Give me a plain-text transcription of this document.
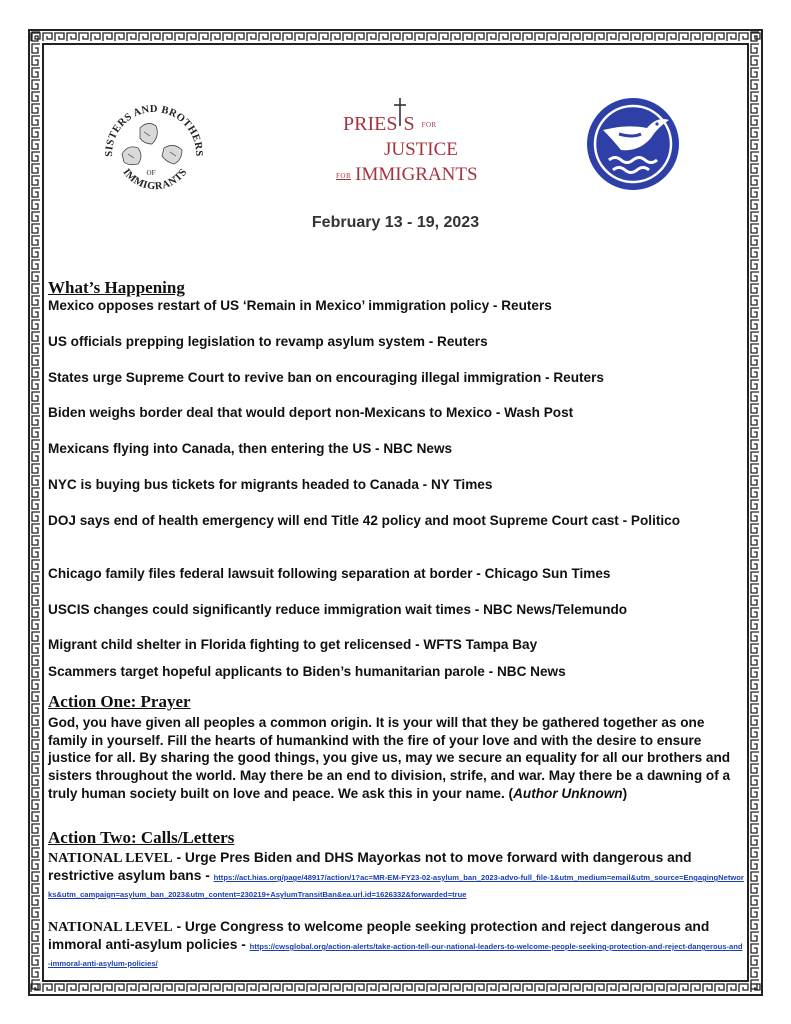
SISTERS AND BROTHERS
IMMIGRANTS
OF
PRIES S FOR
JUSTICE
FOR IMMIGRANTS
February 13 - 19, 2023
What’s Happening

Mexico opposes restart of US ‘Remain in Mexico’ immigration policy - Reuters

US officials prepping legislation to revamp asylum system - Reuters

States urge Supreme Court to revive ban on encouraging illegal immigration - Reuters

Biden weighs border deal that would deport non-Mexicans to Mexico - Wash Post

Mexicans flying into Canada, then entering the US - NBC News

NYC is buying bus tickets for migrants headed to Canada - NY Times

DOJ says end of health emergency will end Title 42 policy and moot Supreme Court cast - Politico

Chicago family files federal lawsuit following separation at border - Chicago Sun Times

USCIS changes could significantly reduce immigration wait times - NBC News/Telemundo

Migrant child shelter in Florida fighting to get relicensed - WFTS Tampa Bay

Scammers target hopeful applicants to Biden’s humanitarian parole - NBC News

Action One: Prayer

God, you have given all peoples a common origin. It is your will that they be gathered together as one family in yourself. Fill the hearts of humankind with the fire of your love and with the desire to ensure justice for all. By sharing the good things, you give us, may we secure an equality for all our brothers and sisters throughout the world. May there be an end to division, strife, and war. May there be a dawning of a truly human society built on love and peace. We ask this in your name. (Author Unknown)

Action Two: Calls/Letters

NATIONAL LEVEL - Urge Pres Biden and DHS Mayorkas not to move forward with dangerous and restrictive asylum bans - https://act.hias.org/page/48917/action/1?ac=MR-EM-FY23-02-asylum_ban_2023-advo-full_file-1&utm_medium=email&utm_source=EngagingNetworks&utm_campaign=asylum_ban_2023&utm_content=230219+AsylumTransitBan&ea.url.id=1626332&forwarded=true

NATIONAL LEVEL - Urge Congress to welcome people seeking protection and reject dangerous and immoral anti-asylum policies - https://cwsglobal.org/action-alerts/take-action-tell-our-national-leaders-to-welcome-people-seeking-protection-and-reject-dangerous-and-immoral-anti-asylum-policies/
